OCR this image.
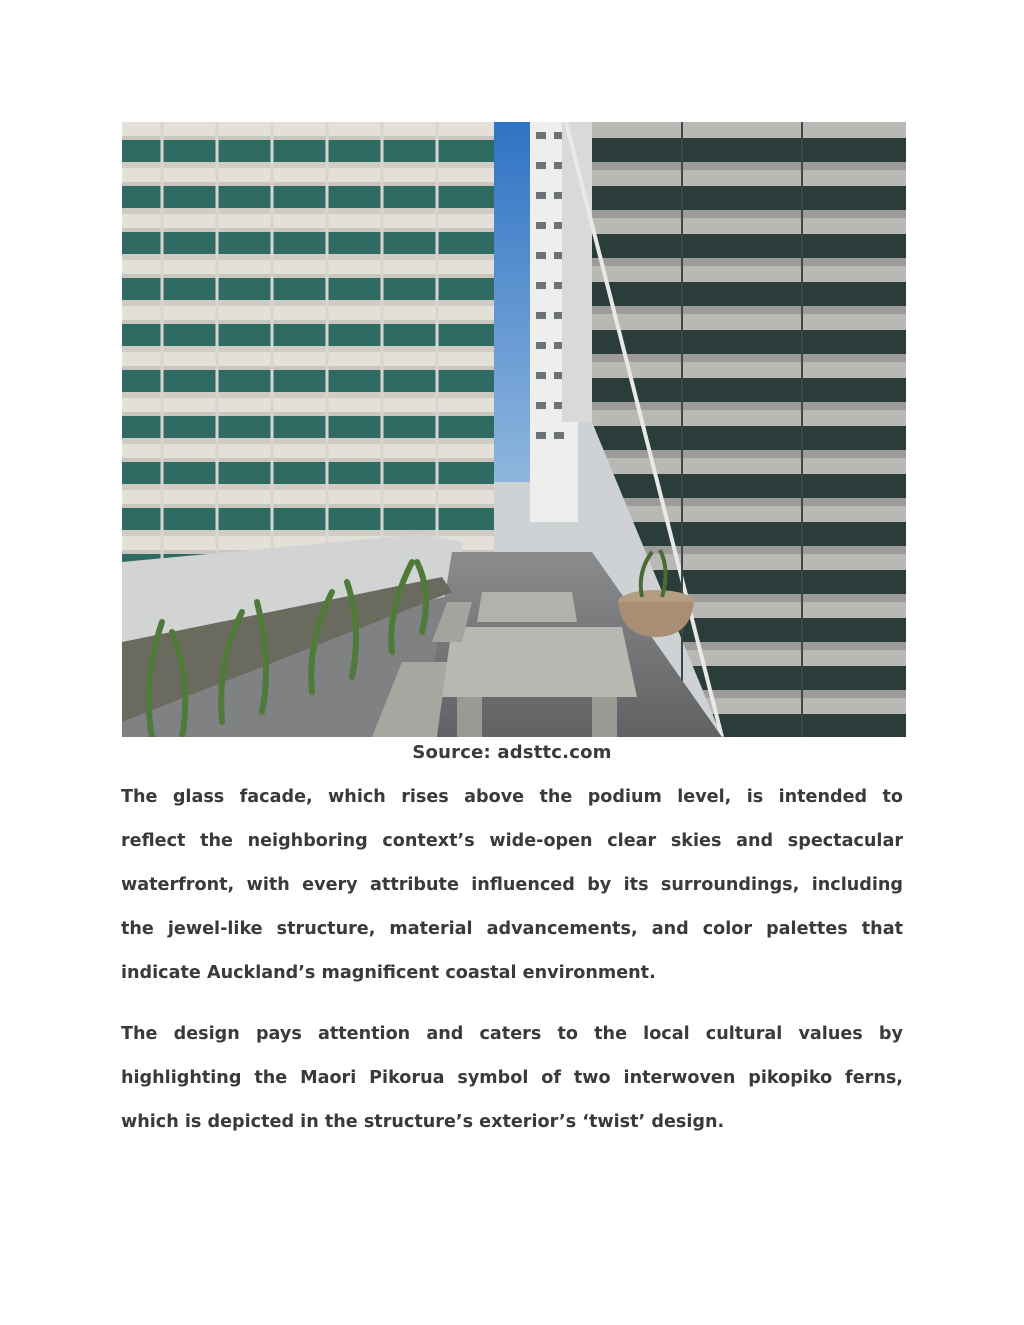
Source: adsttc.com

The glass facade, which rises above the podium level, is intended to
reflect the neighboring context’s wide-open clear skies and spectacular
waterfront, with every attribute influenced by its surroundings, including
the jewel-like structure, material advancements, and color palettes that
indicate Auckland’s magnificent coastal environment.

The design pays attention and caters to the local cultural values by
highlighting the Maori Pikorua symbol of two interwoven pikopiko ferns,
which is depicted in the structure’s exterior’s ‘twist’ design.
